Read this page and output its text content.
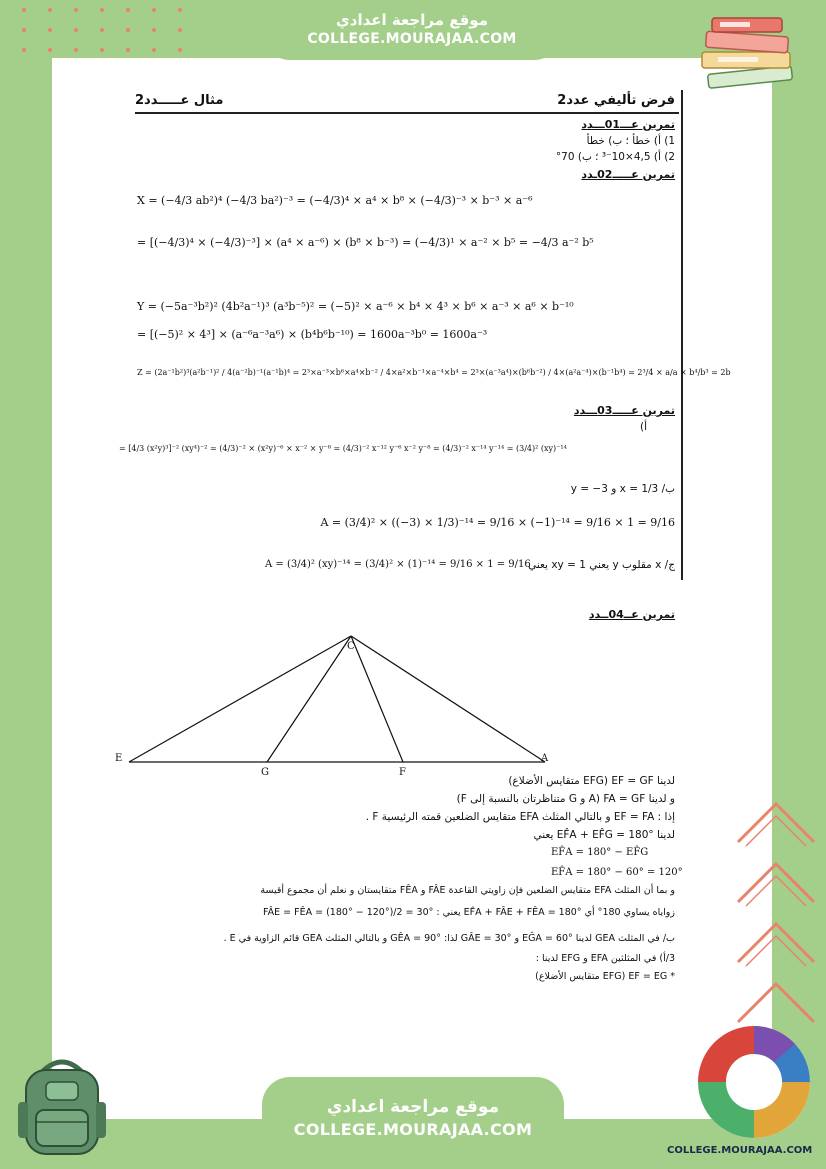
موقع مراجعة اعدادي
COLLEGE.MOURAJAA.COM
فرض تأليفي عدد2
مثال عـــــدد2
تمرين عـــ01ـــدد
1) أ) خطأ ؛ ب) خطأ
2) أ) 4,5×10⁻³ ؛ ب) 70°
تمرين عـــــ02ـدد
X = (−4/3 ab²)⁴ (−4/3 ba²)⁻³ = (−4/3)⁴ × a⁴ × b⁸ × (−4/3)⁻³ × b⁻³ × a⁻⁶
= [(−4/3)⁴ × (−4/3)⁻³] × (a⁴ × a⁻⁶) × (b⁸ × b⁻³) = (−4/3)¹ × a⁻² × b⁵ = −4/3 a⁻² b⁵
Y = (−5a⁻³b²)² (4b²a⁻¹)³ (a³b⁻⁵)² = (−5)² × a⁻⁶ × b⁴ × 4³ × b⁶ × a⁻³ × a⁶ × b⁻¹⁰
= [(−5)² × 4³] × (a⁻⁶a⁻³a⁶) × (b⁴b⁶b⁻¹⁰) = 1600a⁻³b⁰ = 1600a⁻³
Z = (2a⁻¹b²)³(a²b⁻¹)² / 4(a⁻²b)⁻¹(a⁻¹b)⁴ = 2³×a⁻³×b⁶×a⁴×b⁻² / 4×a²×b⁻¹×a⁻⁴×b⁴ = 2³×(a⁻³a⁴)×(b⁶b⁻²) / 4×(a²a⁻⁴)×(b⁻¹b⁴) = 2³/4 × a/a × b⁴/b³ = 2b
تمرين عـــــ03ـــدد
أ)
= [4/3 (x²y)³]⁻² (xy⁴)⁻² = (4/3)⁻² × (x²y)⁻⁶ × x⁻² × y⁻⁸ = (4/3)⁻² x⁻¹² y⁻⁶ x⁻² y⁻⁸ = (4/3)⁻² x⁻¹⁴ y⁻¹⁴ = (3/4)² (xy)⁻¹⁴
ب/ x = 1/3 و y = −3
A = (3/4)² × ((−3) × 1/3)⁻¹⁴ = 9/16 × (−1)⁻¹⁴ = 9/16 × 1 = 9/16
ج/ x مقلوب y يعني xy = 1 يعني
A = (3/4)² (xy)⁻¹⁴ = (3/4)² × (1)⁻¹⁴ = 9/16 × 1 = 9/16
تمرين عــ04ــدد
E
C
G	F
A
لدينا EF = GF (EFG متقايس الأضلاع)
و لدينا FA = GF (A و G متناظرتان بالنسبة إلى F)
إذا : EF = FA و بالتالي المثلث EFA متقايس الضلعين قمته الرئيسية F .
لدينا EF̂A + EF̂G = 180° يعني
EF̂A = 180° − EF̂G
EF̂A = 180° − 60° = 120°
و بما أن المثلث EFA متقايس الضلعين فإن زاويتي القاعدة FÂE و FÊA متقايستان و نعلم أن مجموع أقيسة
زواياه يساوي 180° أي EF̂A + FÂE + FÊA = 180° يعني : FÂE = FÊA = (180° − 120°)/2 = 30°
ب/ في المثلث GEA لدينا EĜA = 60° و GÂE = 30° لذا: GÊA = 90° و بالتالي المثلث GEA قائم الزاوية في E .
3/أ) في المثلثين EFA و EFG لدينا :
* EF = EG (EFG متقايس الأضلاع)
موقع مراجعة اعدادي
COLLEGE.MOURAJAA.COM
COLLEGE.MOURAJAA.COM
